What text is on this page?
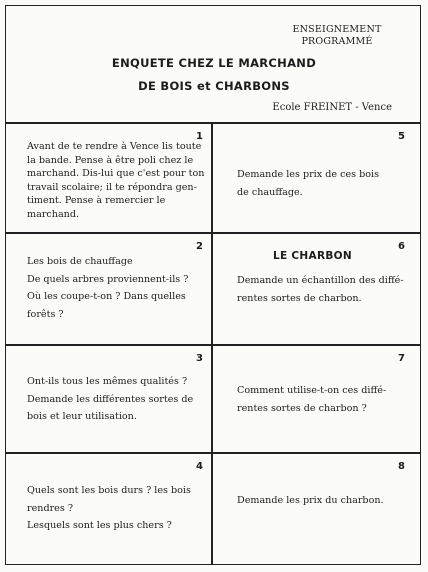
ENSEIGNEMENT
PROGRAMMÉ
ENQUETE CHEZ LE MARCHAND
DE BOIS et CHARBONS
Ecole FREINET - Vence
1
Avant de te rendre à Vence lis toute
la bande. Pense à être poli chez le
marchand. Dis-lui que c'est pour ton
travail scolaire; il te répondra gen-
timent. Pense à remercier le marchand.
2
Les bois de chauffage
De quels arbres proviennent-ils ?
Où les coupe-t-on ? Dans quelles
forêts ?
3
Ont-ils tous les mêmes qualités ?
Demande les différentes sortes de
bois et leur utilisation.
4
Quels sont les bois durs ? les bois
rendres ?
Lesquels sont les plus chers ?
5
Demande les prix de ces bois
de chauffage.
6
LE CHARBON
Demande un échantillon des diffé-
rentes sortes de charbon.
7
Comment utilise-t-on ces diffé-
rentes sortes de charbon ?
8
Demande les prix du charbon.
